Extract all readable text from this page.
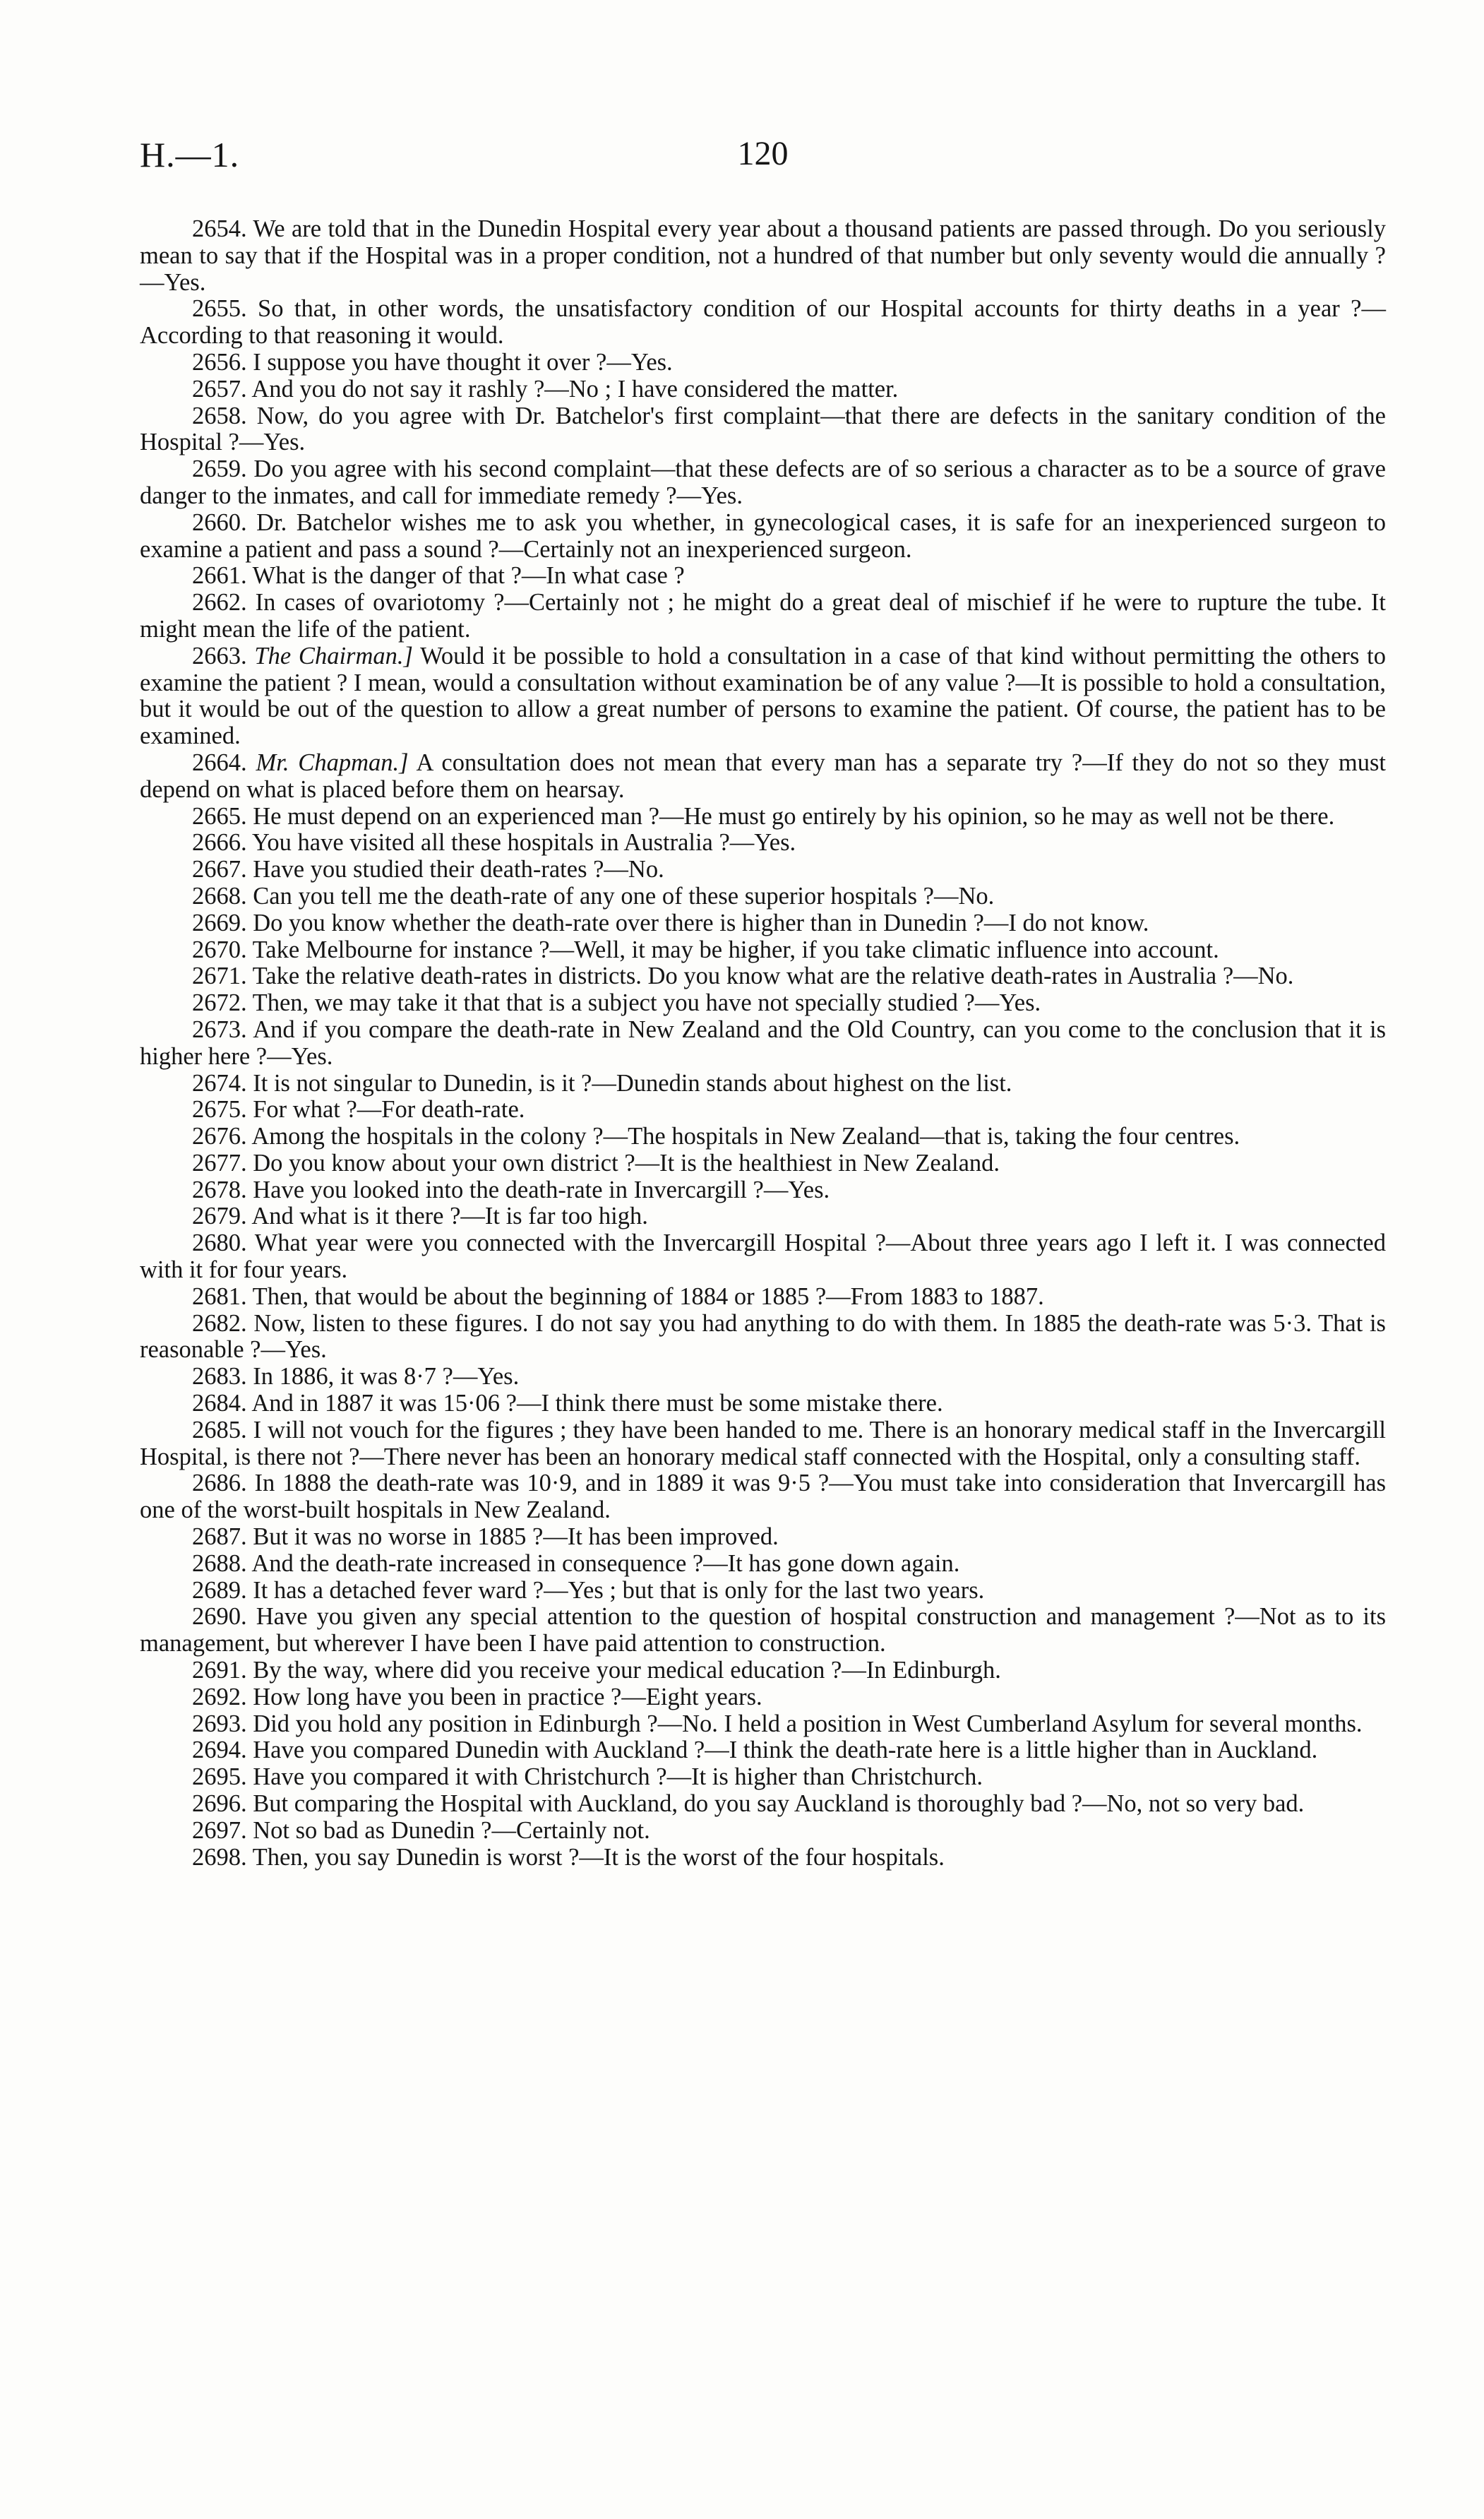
H.—1.	120

2654. We are told that in the Dunedin Hospital every year about a thousand patients are passed through. Do you seriously mean to say that if the Hospital was in a proper condition, not a hundred of that number but only seventy would die annually ?—Yes.

2655. So that, in other words, the unsatisfactory condition of our Hospital accounts for thirty deaths in a year ?—According to that reasoning it would.

2656. I suppose you have thought it over ?—Yes.

2657. And you do not say it rashly ?—No ; I have considered the matter.

2658. Now, do you agree with Dr. Batchelor's first complaint—that there are defects in the sanitary condition of the Hospital ?—Yes.

2659. Do you agree with his second complaint—that these defects are of so serious a character as to be a source of grave danger to the inmates, and call for immediate remedy ?—Yes.

2660. Dr. Batchelor wishes me to ask you whether, in gynecological cases, it is safe for an inexperienced surgeon to examine a patient and pass a sound ?—Certainly not an inexperienced surgeon.

2661. What is the danger of that ?—In what case ?

2662. In cases of ovariotomy ?—Certainly not ; he might do a great deal of mischief if he were to rupture the tube. It might mean the life of the patient.

2663. The Chairman.] Would it be possible to hold a consultation in a case of that kind without permitting the others to examine the patient ? I mean, would a consultation without examination be of any value ?—It is possible to hold a consultation, but it would be out of the question to allow a great number of persons to examine the patient. Of course, the patient has to be examined.

2664. Mr. Chapman.] A consultation does not mean that every man has a separate try ?—If they do not so they must depend on what is placed before them on hearsay.

2665. He must depend on an experienced man ?—He must go entirely by his opinion, so he may as well not be there.

2666. You have visited all these hospitals in Australia ?—Yes.

2667. Have you studied their death-rates ?—No.

2668. Can you tell me the death-rate of any one of these superior hospitals ?—No.

2669. Do you know whether the death-rate over there is higher than in Dunedin ?—I do not know.

2670. Take Melbourne for instance ?—Well, it may be higher, if you take climatic influence into account.

2671. Take the relative death-rates in districts. Do you know what are the relative death-rates in Australia ?—No.

2672. Then, we may take it that that is a subject you have not specially studied ?—Yes.

2673. And if you compare the death-rate in New Zealand and the Old Country, can you come to the conclusion that it is higher here ?—Yes.

2674. It is not singular to Dunedin, is it ?—Dunedin stands about highest on the list.

2675. For what ?—For death-rate.

2676. Among the hospitals in the colony ?—The hospitals in New Zealand—that is, taking the four centres.

2677. Do you know about your own district ?—It is the healthiest in New Zealand.

2678. Have you looked into the death-rate in Invercargill ?—Yes.

2679. And what is it there ?—It is far too high.

2680. What year were you connected with the Invercargill Hospital ?—About three years ago I left it. I was connected with it for four years.

2681. Then, that would be about the beginning of 1884 or 1885 ?—From 1883 to 1887.

2682. Now, listen to these figures. I do not say you had anything to do with them. In 1885 the death-rate was 5·3. That is reasonable ?—Yes.

2683. In 1886, it was 8·7 ?—Yes.

2684. And in 1887 it was 15·06 ?—I think there must be some mistake there.

2685. I will not vouch for the figures ; they have been handed to me. There is an honorary medical staff in the Invercargill Hospital, is there not ?—There never has been an honorary medical staff connected with the Hospital, only a consulting staff.

2686. In 1888 the death-rate was 10·9, and in 1889 it was 9·5 ?—You must take into consideration that Invercargill has one of the worst-built hospitals in New Zealand.

2687. But it was no worse in 1885 ?—It has been improved.

2688. And the death-rate increased in consequence ?—It has gone down again.

2689. It has a detached fever ward ?—Yes ; but that is only for the last two years.

2690. Have you given any special attention to the question of hospital construction and management ?—Not as to its management, but wherever I have been I have paid attention to construction.

2691. By the way, where did you receive your medical education ?—In Edinburgh.

2692. How long have you been in practice ?—Eight years.

2693. Did you hold any position in Edinburgh ?—No. I held a position in West Cumberland Asylum for several months.

2694. Have you compared Dunedin with Auckland ?—I think the death-rate here is a little higher than in Auckland.

2695. Have you compared it with Christchurch ?—It is higher than Christchurch.

2696. But comparing the Hospital with Auckland, do you say Auckland is thoroughly bad ?—No, not so very bad.

2697. Not so bad as Dunedin ?—Certainly not.

2698. Then, you say Dunedin is worst ?—It is the worst of the four hospitals.
